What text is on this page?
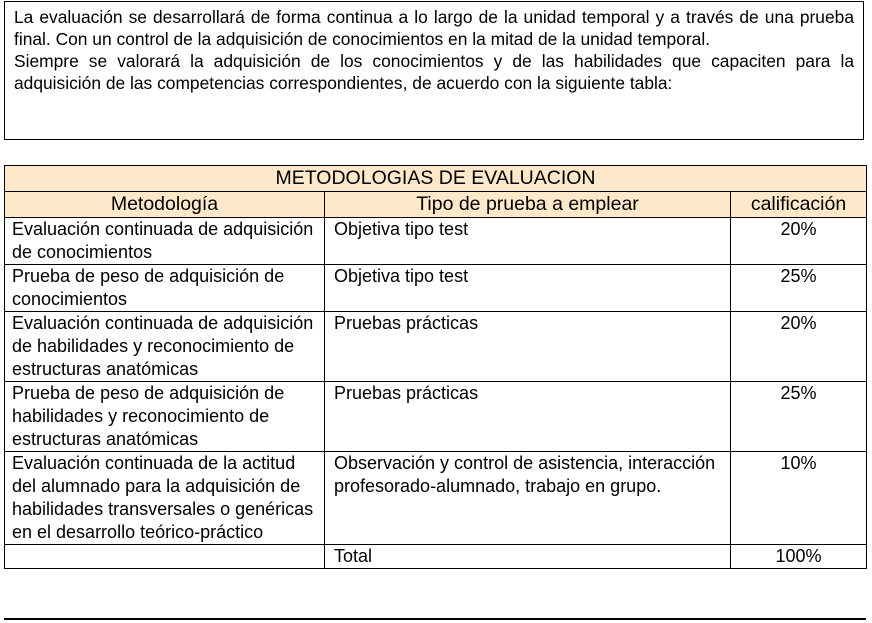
La evaluación se desarrollará de forma continua a lo largo de la unidad temporal y a través de una prueba final. Con un control de la adquisición de conocimientos en la mitad de la unidad temporal.

Siempre se valorará la adquisición de los conocimientos y de las habilidades que capaciten para la adquisición de las competencias correspondientes, de acuerdo con la siguiente tabla:

METODOLOGIAS DE EVALUACION		
Metodología	Tipo de prueba a emplear	calificación
Evaluación continuada de adquisición de conocimientos	Objetiva tipo test	20%
Prueba de peso de adquisición de conocimientos	Objetiva tipo test	25%
Evaluación continuada de adquisición de habilidades y reconocimiento de estructuras anatómicas	Pruebas prácticas	20%
Prueba de peso de adquisición de habilidades y reconocimiento de estructuras anatómicas	Pruebas prácticas	25%
Evaluación continuada de la actitud del alumnado para la adquisición de habilidades transversales o genéricas en el desarrollo teórico-práctico	Observación y control de asistencia, interacción profesorado-alumnado, trabajo en grupo.	10%
	Total	100%
